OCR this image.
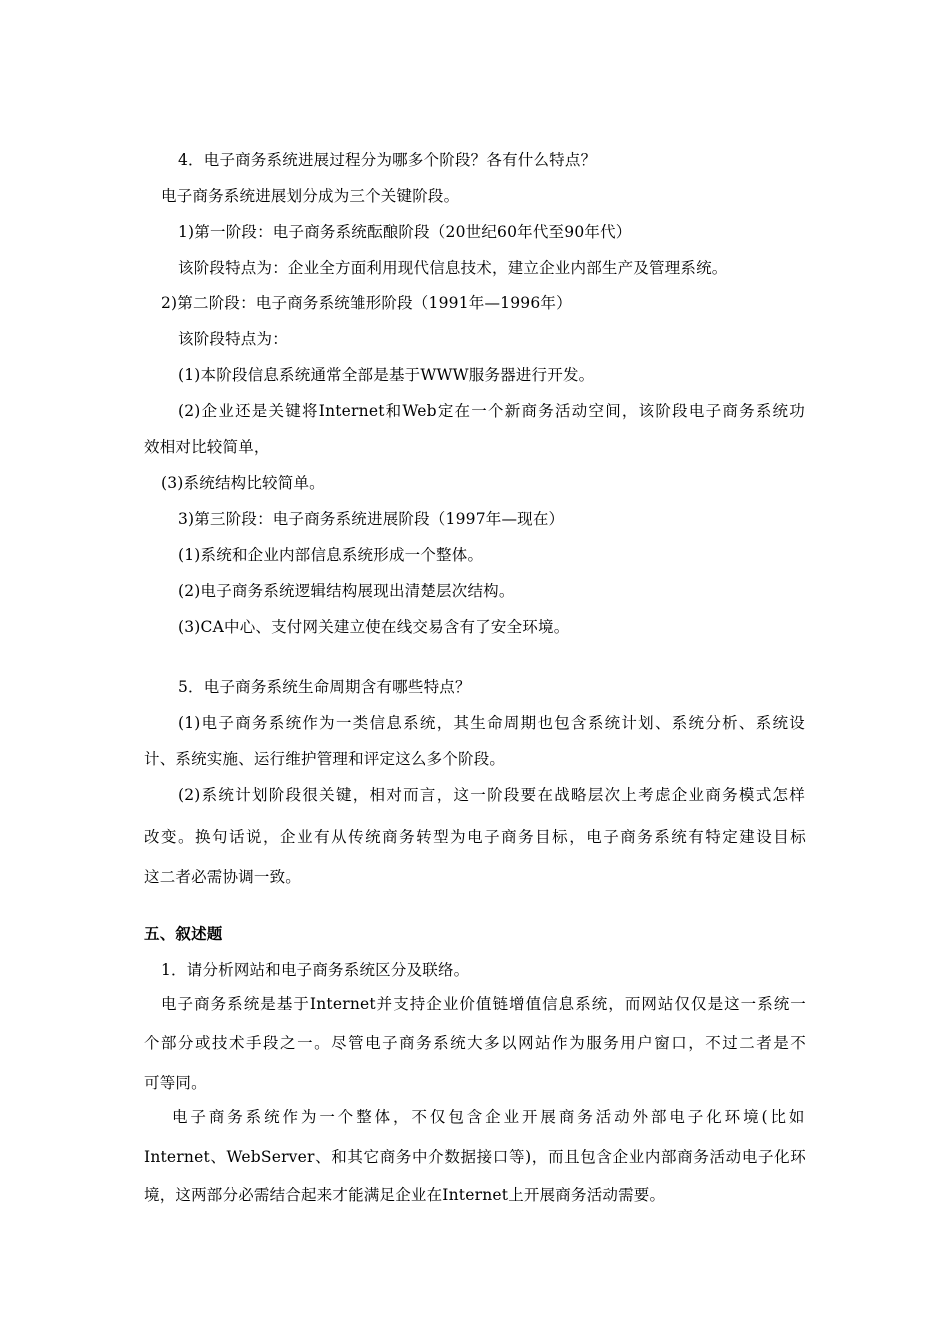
4．电子商务系统进展过程分为哪多个阶段？各有什么特点？
电子商务系统进展划分成为三个关键阶段。
1)第一阶段：电子商务系统酝酿阶段（20世纪60年代至90年代）
该阶段特点为：企业全方面利用现代信息技术，建立企业内部生产及管理系统。
2)第二阶段：电子商务系统雏形阶段（1991年—1996年）
该阶段特点为：
(1)本阶段信息系统通常全部是基于WWW服务器进行开发。
(2)企业还是关键将Internet和Web定在一个新商务活动空间，该阶段电子商务系统功
效相对比较简单，
(3)系统结构比较简单。
3)第三阶段：电子商务系统进展阶段（1997年—现在）
(1)系统和企业内部信息系统形成一个整体。
(2)电子商务系统逻辑结构展现出清楚层次结构。
(3)CA中心、支付网关建立使在线交易含有了安全环境。
5．电子商务系统生命周期含有哪些特点？
(1)电子商务系统作为一类信息系统，其生命周期也包含系统计划、系统分析、系统设
计、系统实施、运行维护管理和评定这么多个阶段。
(2)系统计划阶段很关键，相对而言，这一阶段要在战略层次上考虑企业商务模式怎样
改变。换句话说，企业有从传统商务转型为电子商务目标，电子商务系统有特定建设目标
这二者必需协调一致。
五、叙述题
1．请分析网站和电子商务系统区分及联络。
电子商务系统是基于Internet并支持企业价值链增值信息系统，而网站仅仅是这一系统一
个部分或技术手段之一。尽管电子商务系统大多以网站作为服务用户窗口，不过二者是不
可等同。
电子商务系统作为一个整体，不仅包含企业开展商务活动外部电子化环境(比如
Internet、WebServer、和其它商务中介数据接口等)，而且包含企业内部商务活动电子化环
境，这两部分必需结合起来才能满足企业在Internet上开展商务活动需要。
